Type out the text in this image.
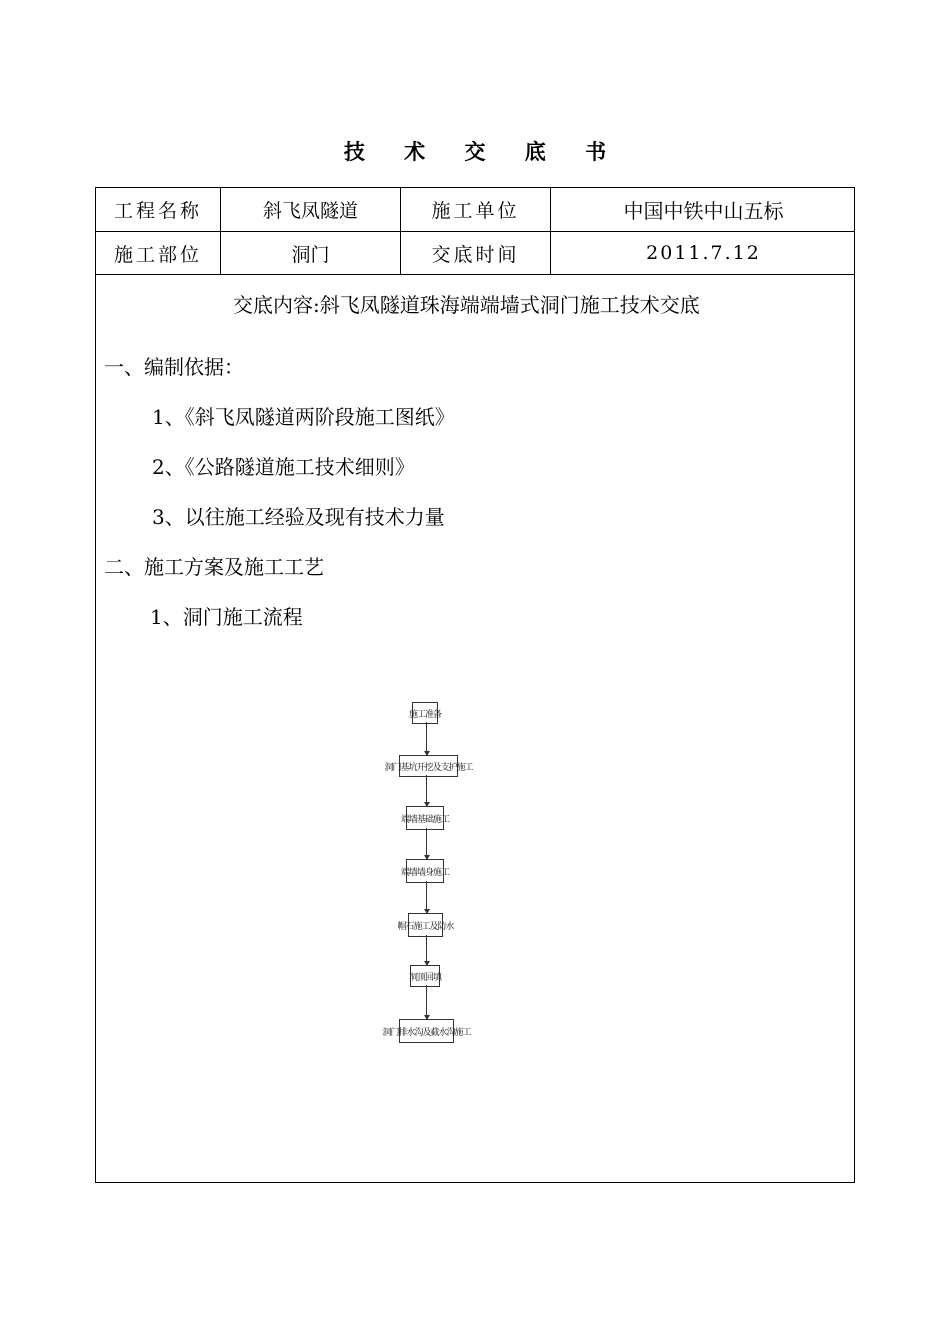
技 术 交 底 书
工程名称	斜飞凤隧道	施工单位	中国中铁中山五标
施工部位	洞门	交底时间	2011.7.12
交底内容:斜飞凤隧道珠海端端墙式洞门施工技术交底
一、编制依据：
1、《斜飞凤隧道两阶段施工图纸》
2、《公路隧道施工技术细则》
3、以往施工经验及现有技术力量
二、施工方案及施工工艺
1、洞门施工流程
施工准备
洞门基坑开挖及支护施工
端墙基础施工
端墙墙身施工
帽石施工及防水
洞顶回填
洞门排水沟及截水沟施工
